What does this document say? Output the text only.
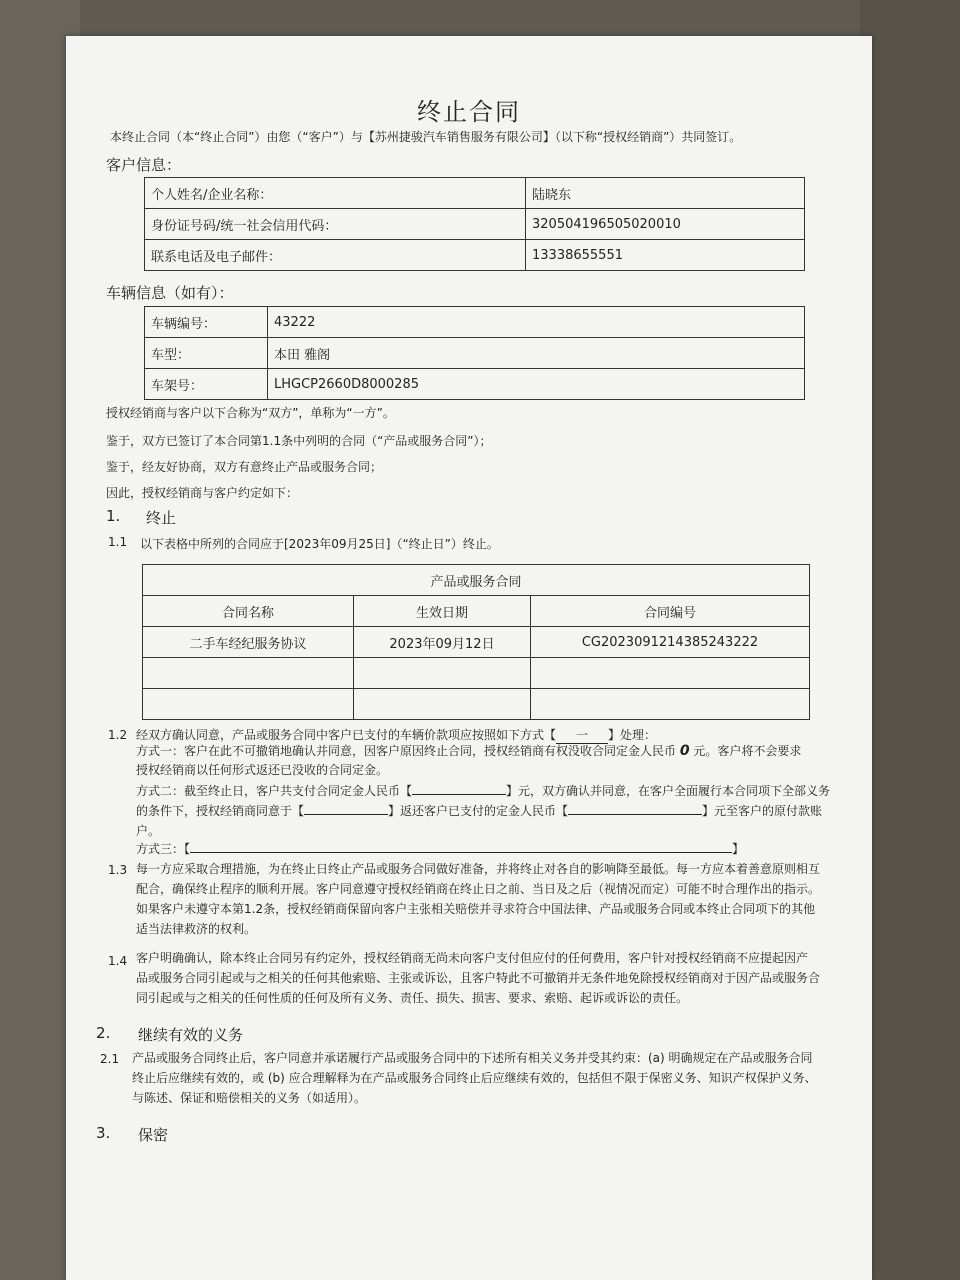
终止合同
本终止合同（本“终止合同”）由您（“客户”）与【苏州捷骏汽车销售服务有限公司】（以下称“授权经销商”）共同签订。
客户信息：
个人姓名/企业名称：	陆晓东
身份证号码/统一社会信用代码：	320504196505020010
联系电话及电子邮件：	13338655551
车辆信息（如有）：
车辆编号：	43222
车型：	本田 雅阁
车架号：	LHGCP2660D8000285
授权经销商与客户以下合称为“双方”，单称为“一方”。
鉴于，双方已签订了本合同第1.1条中列明的合同（“产品或服务合同”）；
鉴于，经友好协商，双方有意终止产品或服务合同；
因此，授权经销商与客户约定如下：
1. 终止
1.1 以下表格中所列的合同应于[2023年09月25日]（“终止日”）终止。
产品或服务合同		
合同名称	生效日期	合同编号
二手车经纪服务协议	2023年09月12日	CG2023091214385243222

1.2 经双方确认同意，产品或服务合同中客户已支付的车辆价款项应按照如下方式【 一 】处理：
方式一：客户在此不可撤销地确认并同意，因客户原因终止合同，授权经销商有权没收合同定金人民币 0 元。客户将不会要求
授权经销商以任何形式返还已没收的合同定金。
方式二：截至终止日，客户共支付合同定金人民币【	】元，双方确认并同意，在客户全面履行本合同项下全部义务
的条件下，授权经销商同意于【	】返还客户已支付的定金人民币【	】元至客户的原付款账
户。
方式三：【	】
1.3 每一方应采取合理措施，为在终止日终止产品或服务合同做好准备，并将终止对各自的影响降至最低。每一方应本着善意原则相互
配合，确保终止程序的顺利开展。客户同意遵守授权经销商在终止日之前、当日及之后（视情况而定）可能不时合理作出的指示。
如果客户未遵守本第1.2条，授权经销商保留向客户主张相关赔偿并寻求符合中国法律、产品或服务合同或本终止合同项下的其他
适当法律救济的权利。
1.4 客户明确确认，除本终止合同另有约定外，授权经销商无尚未向客户支付但应付的任何费用，客户针对授权经销商不应提起因产
品或服务合同引起或与之相关的任何其他索赔、主张或诉讼，且客户特此不可撤销并无条件地免除授权经销商对于因产品或服务合
同引起或与之相关的任何性质的任何及所有义务、责任、损失、损害、要求、索赔、起诉或诉讼的责任。
2. 继续有效的义务
2.1 产品或服务合同终止后，客户同意并承诺履行产品或服务合同中的下述所有相关义务并受其约束：(a) 明确规定在产品或服务合同
终止后应继续有效的，或 (b) 应合理解释为在产品或服务合同终止后应继续有效的，包括但不限于保密义务、知识产权保护义务、
与陈述、保证和赔偿相关的义务（如适用）。
3. 保密
